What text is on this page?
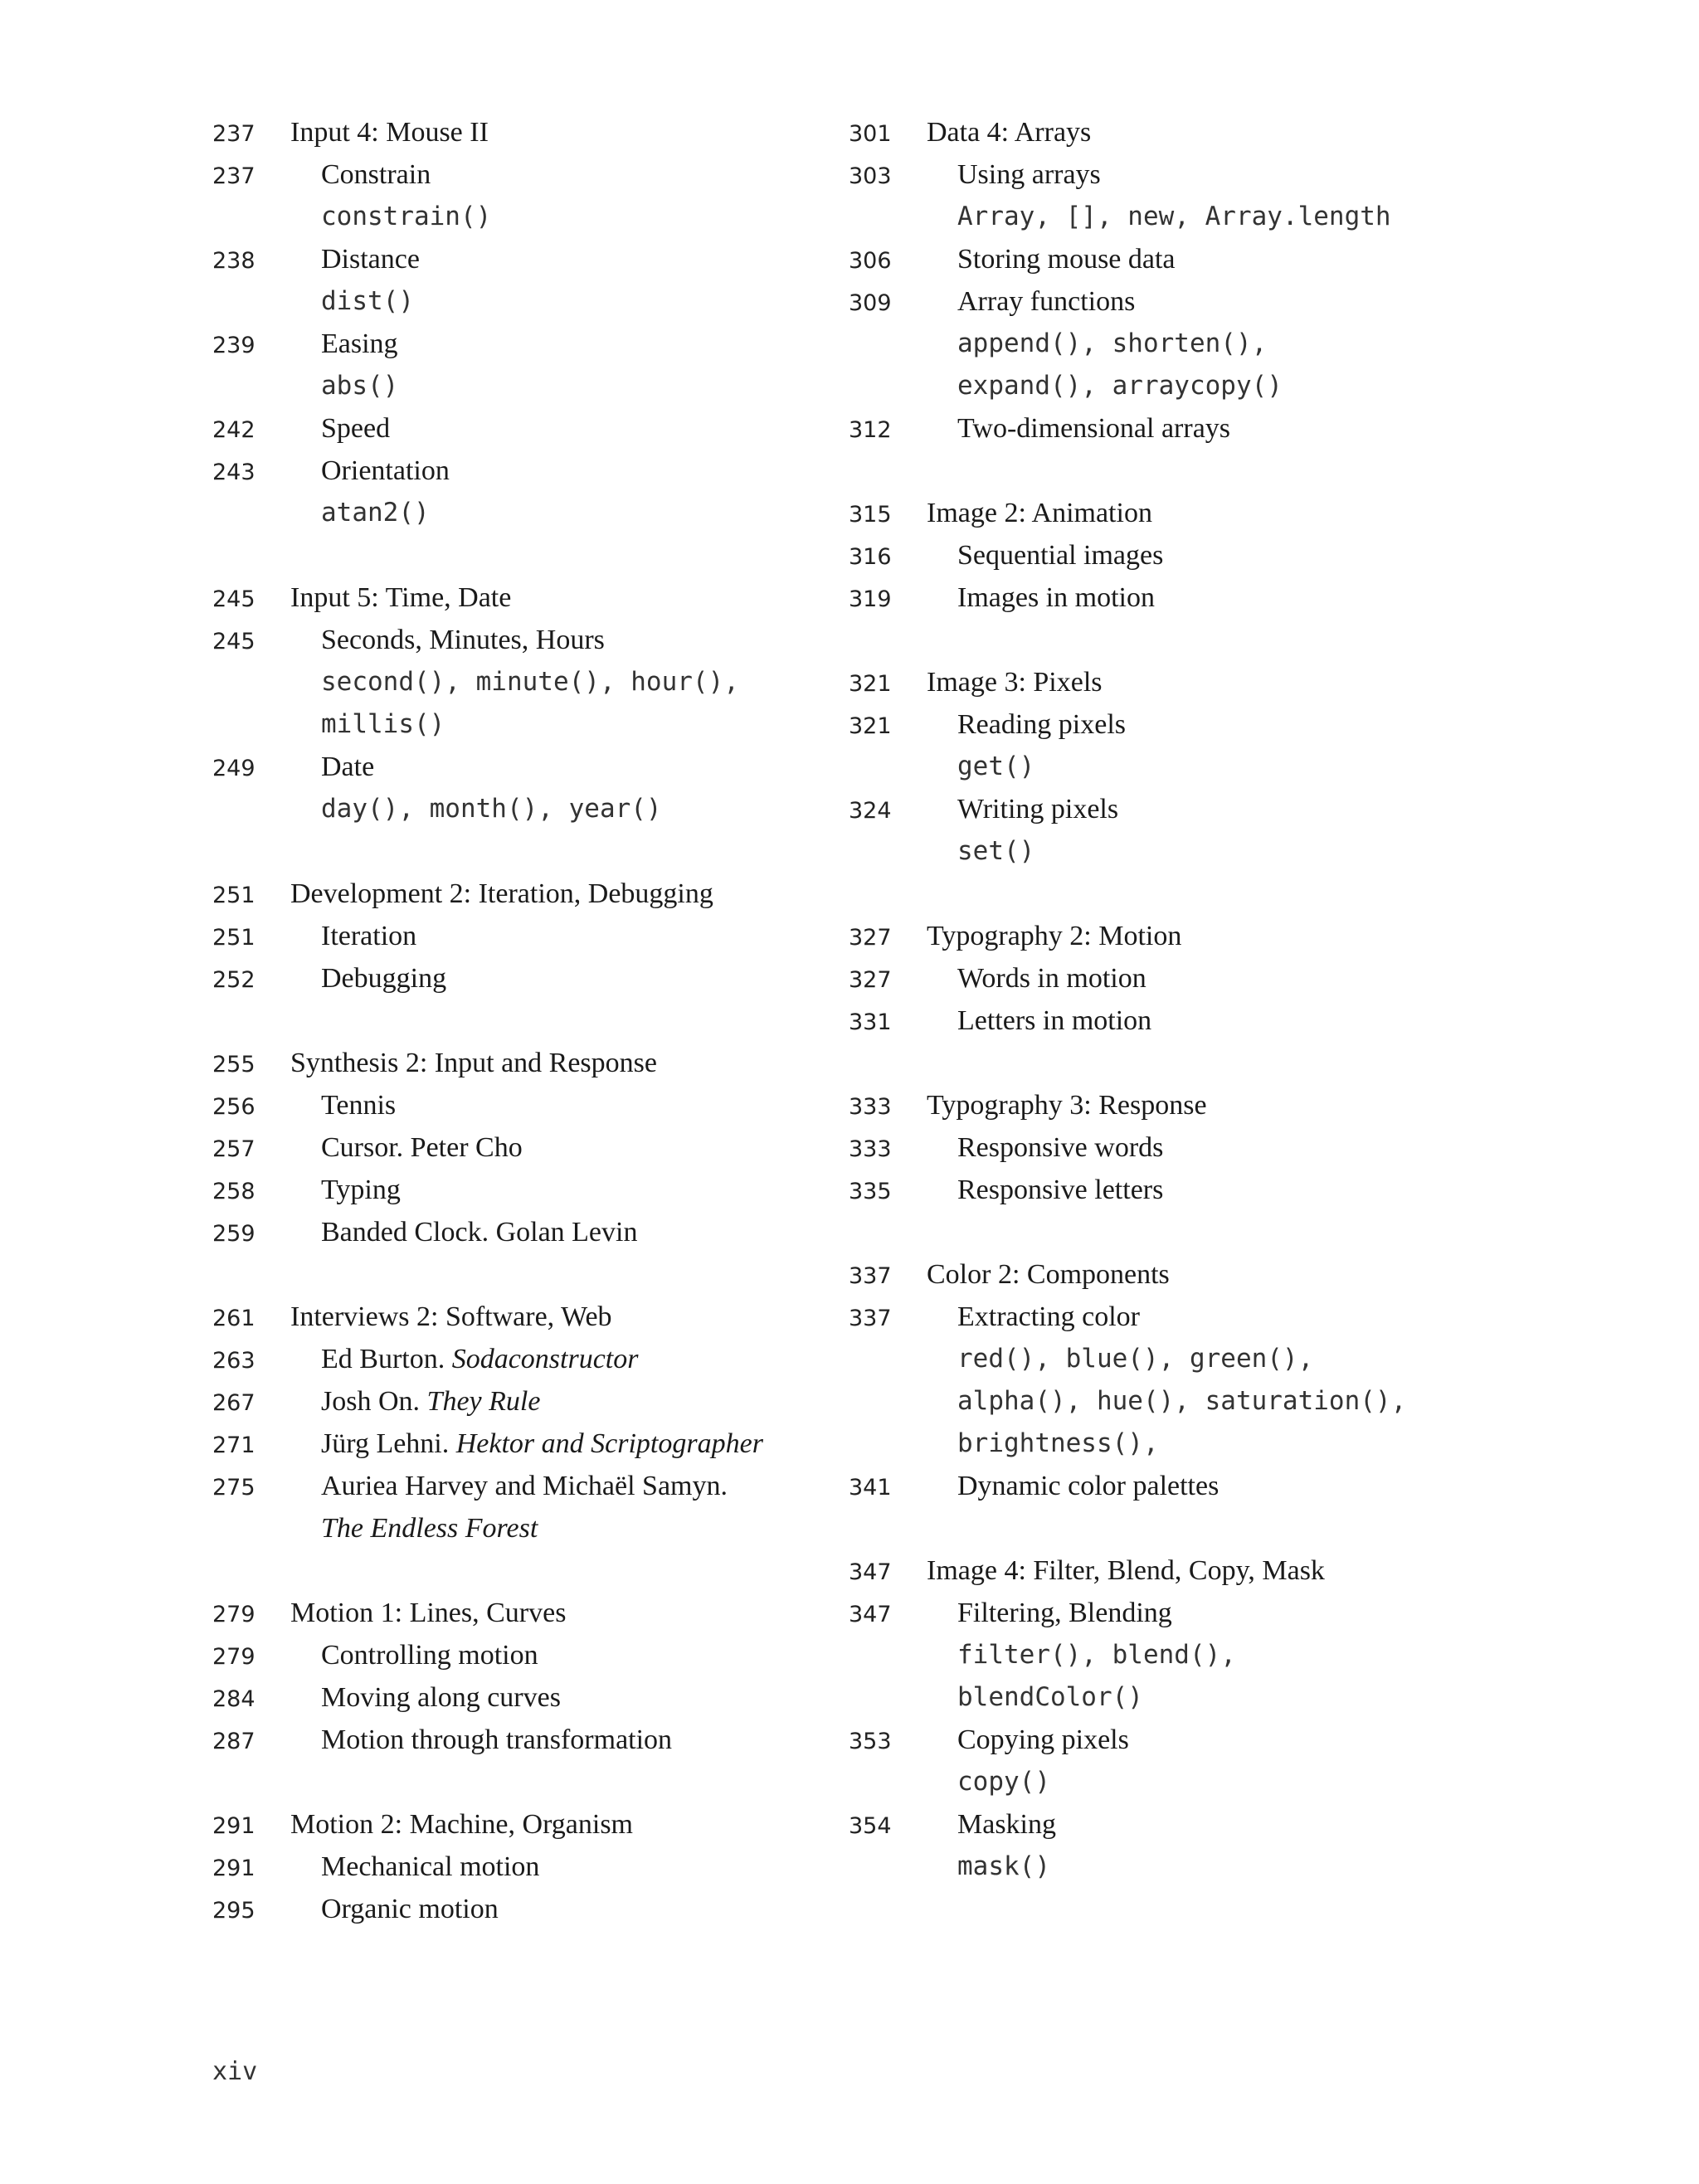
237	Input 4: Mouse II
237	Constrain
constrain()
238	Distance
dist()
239	Easing
abs()
242	Speed
243	Orientation
atan2()
245	Input 5: Time, Date
245	Seconds, Minutes, Hours
second(), minute(), hour(),
millis()
249	Date
day(), month(), year()
251	Development 2: Iteration, Debugging
251	Iteration
252	Debugging
255	Synthesis 2: Input and Response
256	Tennis
257	Cursor. Peter Cho
258	Typing
259	Banded Clock. Golan Levin
261	Interviews 2: Software, Web
263	Ed Burton. Sodaconstructor
267	Josh On. They Rule
271	Jürg Lehni. Hektor and Scriptographer
275	Auriea Harvey and Michaël Samyn.
The Endless Forest
279	Motion 1: Lines, Curves
279	Controlling motion
284	Moving along curves
287	Motion through transformation
291	Motion 2: Machine, Organism
291	Mechanical motion
295	Organic motion
301	Data 4: Arrays
303	Using arrays
Array, [], new, Array.length
306	Storing mouse data
309	Array functions
append(), shorten(),
expand(), arraycopy()
312	Two-dimensional arrays
315	Image 2: Animation
316	Sequential images
319	Images in motion
321	Image 3: Pixels
321	Reading pixels
get()
324	Writing pixels
set()
327	Typography 2: Motion
327	Words in motion
331	Letters in motion
333	Typography 3: Response
333	Responsive words
335	Responsive letters
337	Color 2: Components
337	Extracting color
red(), blue(), green(),
alpha(), hue(), saturation(),
brightness(),
341	Dynamic color palettes
347	Image 4: Filter, Blend, Copy, Mask
347	Filtering, Blending
filter(), blend(),
blendColor()
353	Copying pixels
copy()
354	Masking
mask()
xiv
